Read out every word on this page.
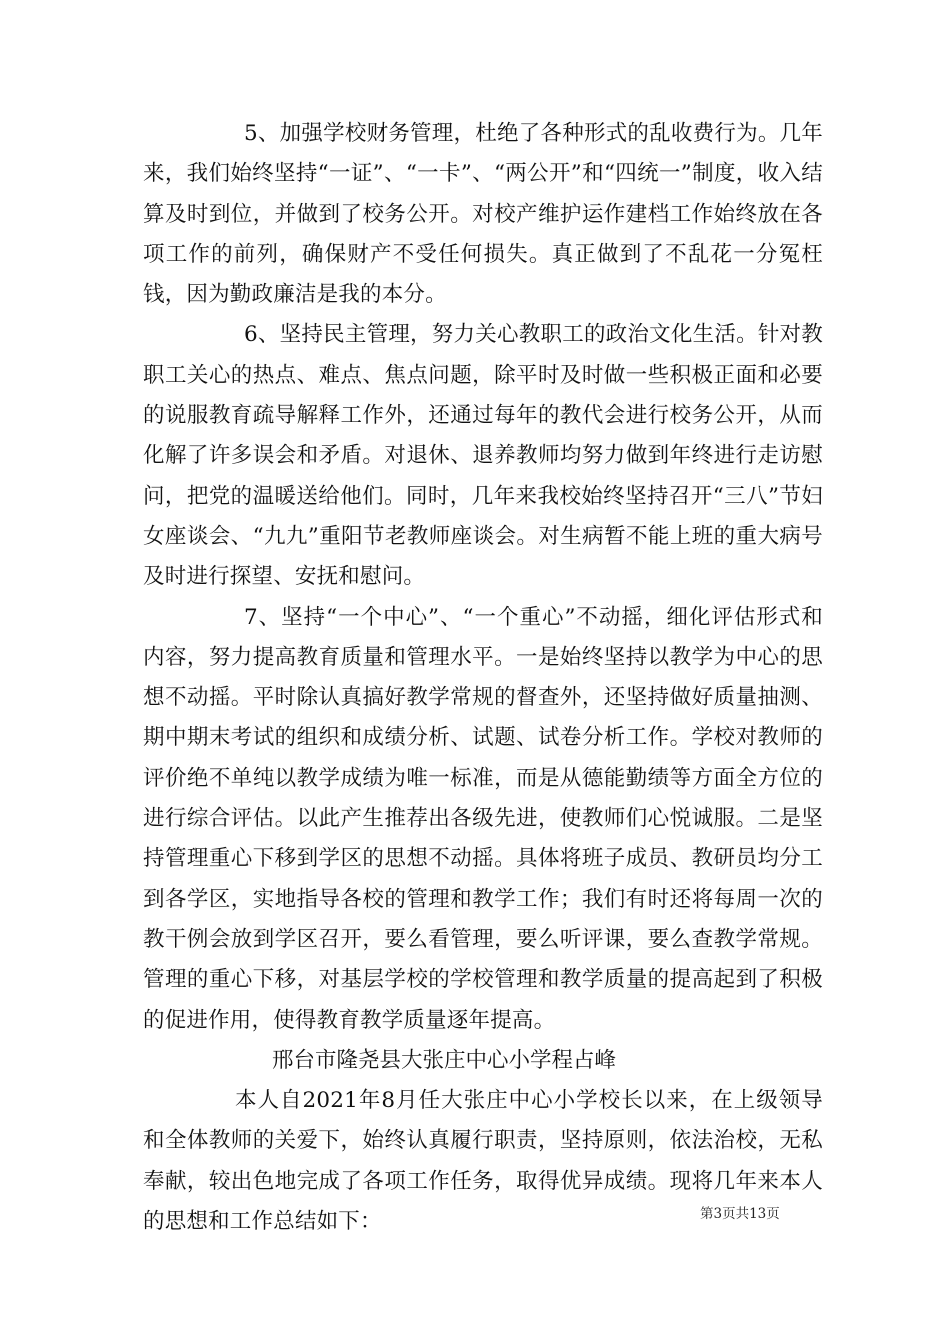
5、加强学校财务管理，杜绝了各种形式的乱收费行为。几年来，我们始终坚持“一证”、“一卡”、“两公开”和“四统一”制度，收入结算及时到位，并做到了校务公开。对校产维护运作建档工作始终放在各项工作的前列，确保财产不受任何损失。真正做到了不乱花一分冤枉钱，因为勤政廉洁是我的本分。

6、坚持民主管理，努力关心教职工的政治文化生活。针对教职工关心的热点、难点、焦点问题，除平时及时做一些积极正面和必要的说服教育疏导解释工作外，还通过每年的教代会进行校务公开，从而化解了许多误会和矛盾。对退休、退养教师均努力做到年终进行走访慰问，把党的温暖送给他们。同时，几年来我校始终坚持召开“三八”节妇女座谈会、“九九”重阳节老教师座谈会。对生病暂不能上班的重大病号及时进行探望、安抚和慰问。

7、坚持“一个中心”、“一个重心”不动摇，细化评估形式和内容，努力提高教育质量和管理水平。一是始终坚持以教学为中心的思想不动摇。平时除认真搞好教学常规的督查外，还坚持做好质量抽测、期中期末考试的组织和成绩分析、试题、试卷分析工作。学校对教师的评价绝不单纯以教学成绩为唯一标准，而是从德能勤绩等方面全方位的进行综合评估。以此产生推荐出各级先进，使教师们心悦诚服。二是坚持管理重心下移到学区的思想不动摇。具体将班子成员、教研员均分工到各学区，实地指导各校的管理和教学工作；我们有时还将每周一次的教干例会放到学区召开，要么看管理，要么听评课，要么查教学常规。管理的重心下移，对基层学校的学校管理和教学质量的提高起到了积极的促进作用，使得教育教学质量逐年提高。

邢台市隆尧县大张庄中心小学程占峰

本人自2021年8月任大张庄中心小学校长以来，在上级领导和全体教师的关爱下，始终认真履行职责，坚持原则，依法治校，无私奉献，较出色地完成了各项工作任务，取得优异成绩。现将几年来本人的思想和工作总结如下：	第3页共13页
